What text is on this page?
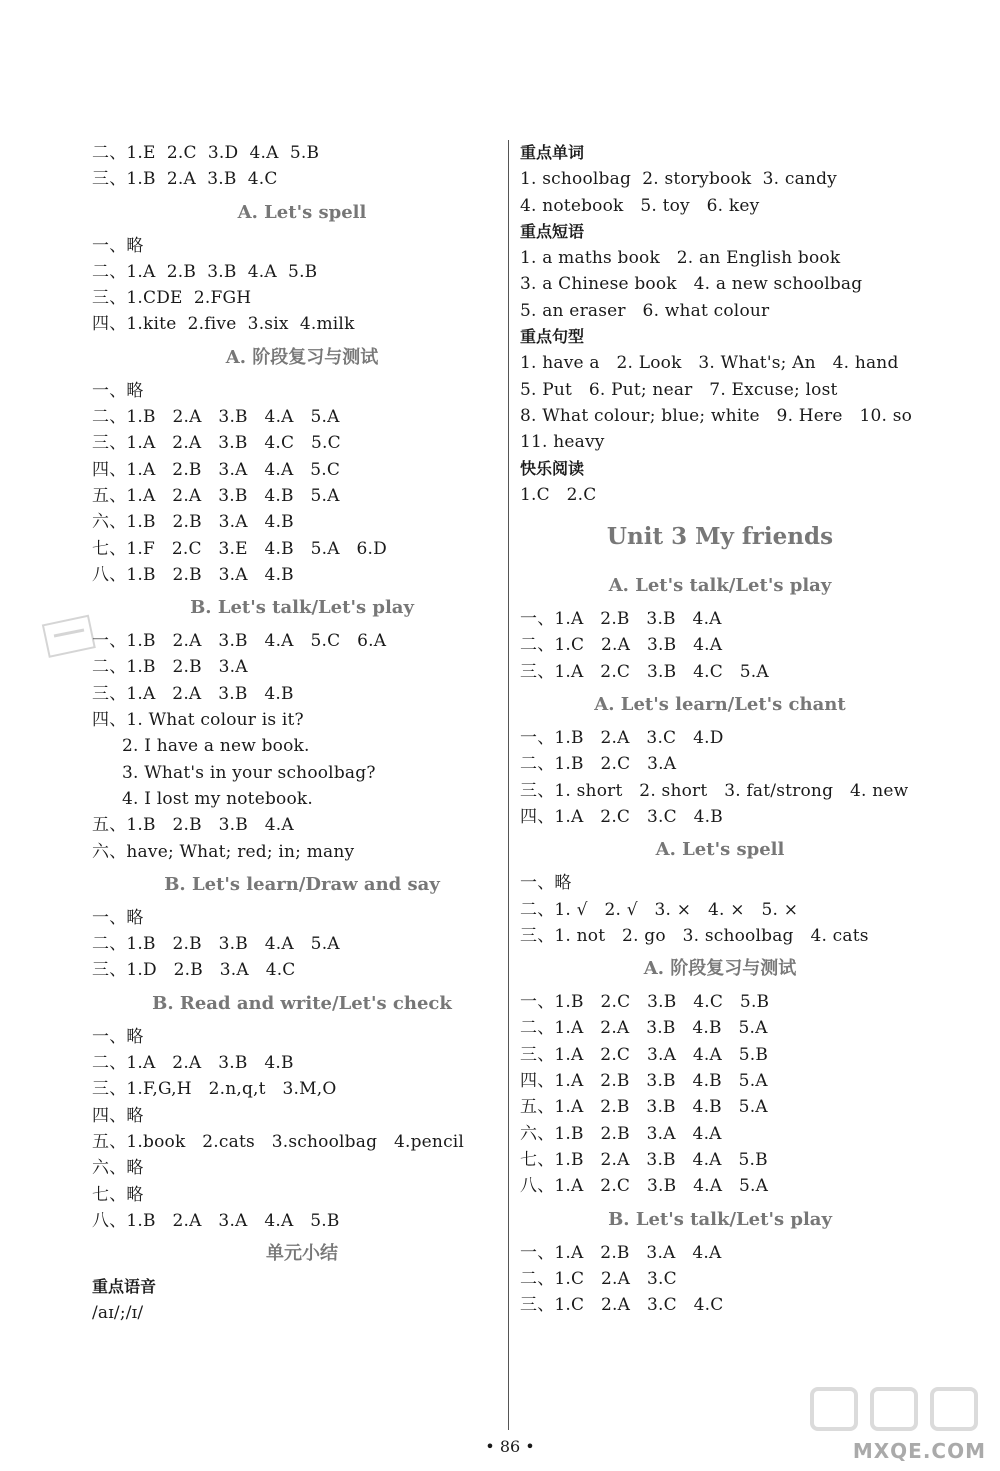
二、1.E  2.C  3.D  4.A  5.B
三、1.B  2.A  3.B  4.C
A. Let's spell
一、略
二、1.A  2.B  3.B  4.A  5.B
三、1.CDE  2.FGH
四、1.kite  2.five  3.six  4.milk
A. 阶段复习与测试
一、略
二、1.B   2.A   3.B   4.A   5.A
三、1.A   2.A   3.B   4.C   5.C
四、1.A   2.B   3.A   4.A   5.C
五、1.A   2.A   3.B   4.B   5.A
六、1.B   2.B   3.A   4.B
七、1.F   2.C   3.E   4.B   5.A   6.D
八、1.B   2.B   3.A   4.B
B. Let's talk/Let's play
一、1.B   2.A   3.B   4.A   5.C   6.A
二、1.B   2.B   3.A
三、1.A   2.A   3.B   4.B
四、1. What colour is it?
2. I have a new book.
3. What's in your schoolbag?
4. I lost my notebook.
五、1.B   2.B   3.B   4.A
六、have; What; red; in; many
B. Let's learn/Draw and say
一、略
二、1.B   2.B   3.B   4.A   5.A
三、1.D   2.B   3.A   4.C
B. Read and write/Let's check
一、略
二、1.A   2.A   3.B   4.B
三、1.F,G,H   2.n,q,t   3.M,O
四、略
五、1.book   2.cats   3.schoolbag   4.pencil
六、略
七、略
八、1.B   2.A   3.A   4.A   5.B
单元小结
重点语音
/aɪ/;/ɪ/
重点单词
1. schoolbag  2. storybook  3. candy
4. notebook   5. toy   6. key
重点短语
1. a maths book   2. an English book
3. a Chinese book   4. a new schoolbag
5. an eraser   6. what colour
重点句型
1. have a   2. Look   3. What's; An   4. hand
5. Put   6. Put; near   7. Excuse; lost
8. What colour; blue; white   9. Here   10. so
11. heavy
快乐阅读
1.C   2.C
Unit 3 My friends
A. Let's talk/Let's play
一、1.A   2.B   3.B   4.A
二、1.C   2.A   3.B   4.A
三、1.A   2.C   3.B   4.C   5.A
A. Let's learn/Let's chant
一、1.B   2.A   3.C   4.D
二、1.B   2.C   3.A
三、1. short   2. short   3. fat/strong   4. new
四、1.A   2.C   3.C   4.B
A. Let's spell
一、略
二、1. √   2. √   3. ×   4. ×   5. ×
三、1. not   2. go   3. schoolbag   4. cats
A. 阶段复习与测试
一、1.B   2.C   3.B   4.C   5.B
二、1.A   2.A   3.B   4.B   5.A
三、1.A   2.C   3.A   4.A   5.B
四、1.A   2.B   3.B   4.B   5.A
五、1.A   2.B   3.B   4.B   5.A
六、1.B   2.B   3.A   4.A
七、1.B   2.A   3.B   4.A   5.B
八、1.A   2.C   3.B   4.A   5.A
B. Let's talk/Let's play
一、1.A   2.B   3.A   4.A
二、1.C   2.A   3.C
三、1.C   2.A   3.C   4.C
• 86 •	MXQE.COM
